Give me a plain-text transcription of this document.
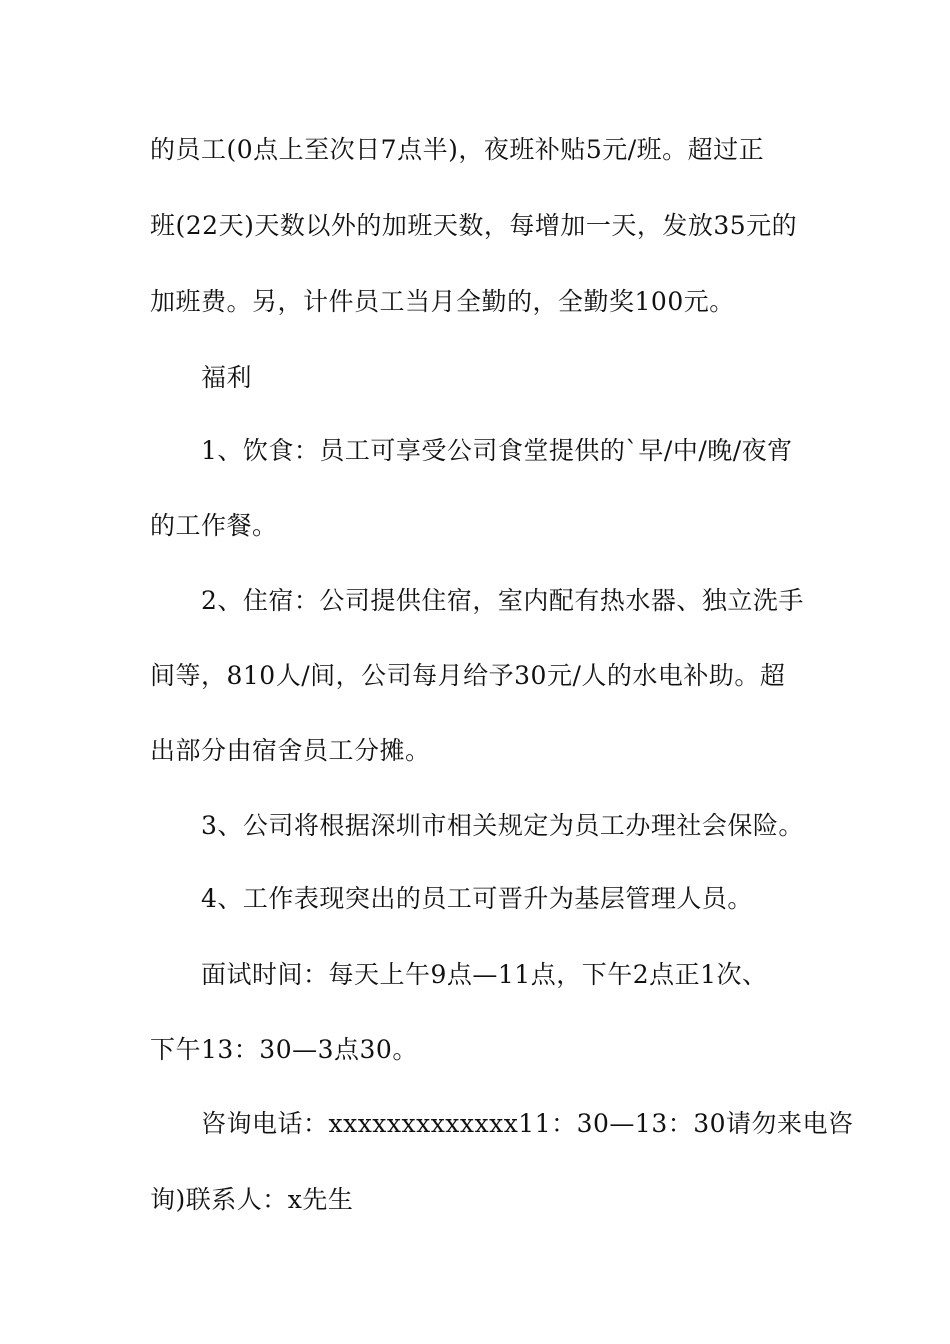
的员工(0点上至次日7点半)，夜班补贴5元/班。超过正
班(22天)天数以外的加班天数，每增加一天，发放35元的
加班费。另，计件员工当月全勤的，全勤奖100元。
福利
1、饮食：员工可享受公司食堂提供的`早/中/晚/夜宵
的工作餐。
2、住宿：公司提供住宿，室内配有热水器、独立洗手
间等，810人/间，公司每月给予30元/人的水电补助。超
出部分由宿舍员工分摊。
3、公司将根据深圳市相关规定为员工办理社会保险。
4、工作表现突出的员工可晋升为基层管理人员。
面试时间：每天上午9点—11点，下午2点正1次、
下午13：30—3点30。
咨询电话：xxxxxxxxxxxxx11：30—13：30请勿来电咨
询)联系人：x先生
